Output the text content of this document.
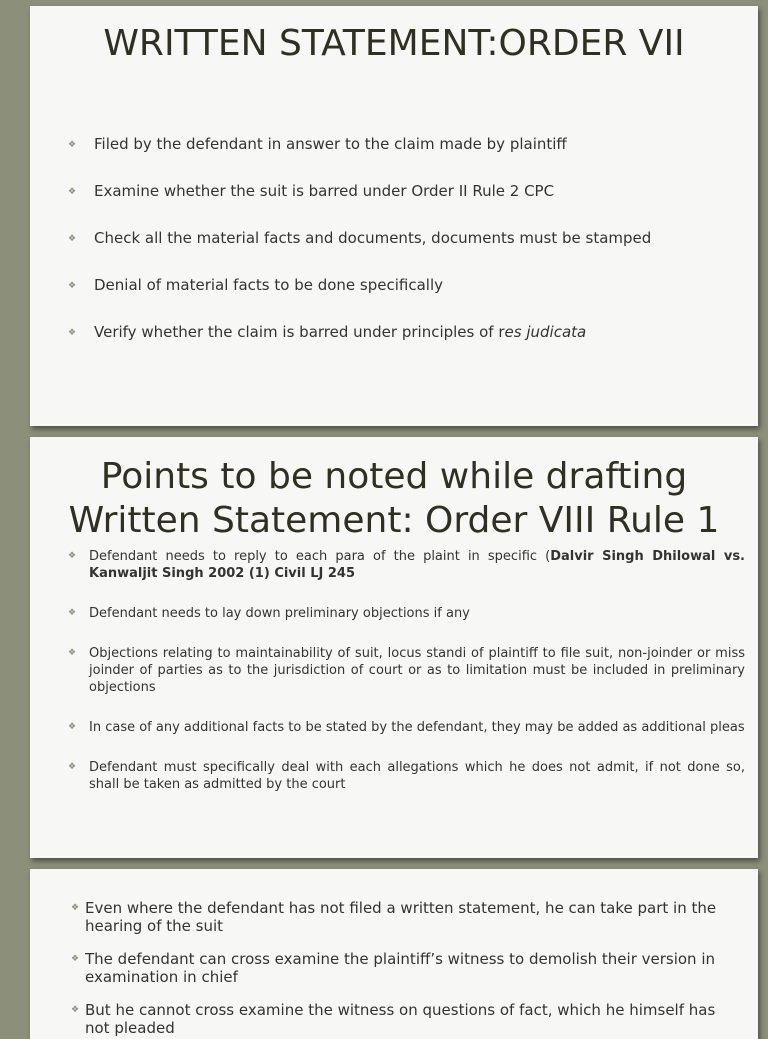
WRITTEN STATEMENT:ORDER VII
❖ Filed by the defendant in answer to the claim made by plaintiff
❖ Examine whether the suit is barred under Order II Rule 2 CPC
❖ Check all the material facts and documents, documents must be stamped
❖ Denial of material facts to be done specifically
❖ Verify whether the claim is barred under principles of res judicata
Points to be noted while drafting Written Statement: Order VIII Rule 1
❖ Defendant needs to reply to each para of the plaint in specific (Dalvir Singh Dhilowal vs. Kanwaljit Singh 2002 (1) Civil LJ 245
❖ Defendant needs to lay down preliminary objections if any
❖ Objections relating to maintainability of suit, locus standi of plaintiff to file suit, non-joinder or miss joinder of parties as to the jurisdiction of court or as to limitation must be included in preliminary objections
❖ In case of any additional facts to be stated by the defendant, they may be added as additional pleas
❖ Defendant must specifically deal with each allegations which he does not admit, if not done so, shall be taken as admitted by the court
❖ Even where the defendant has not filed a written statement, he can take part in the hearing of the suit
❖ The defendant can cross examine the plaintiff’s witness to demolish their version in examination in chief
❖ But he cannot cross examine the witness on questions of fact, which he himself has not pleaded
